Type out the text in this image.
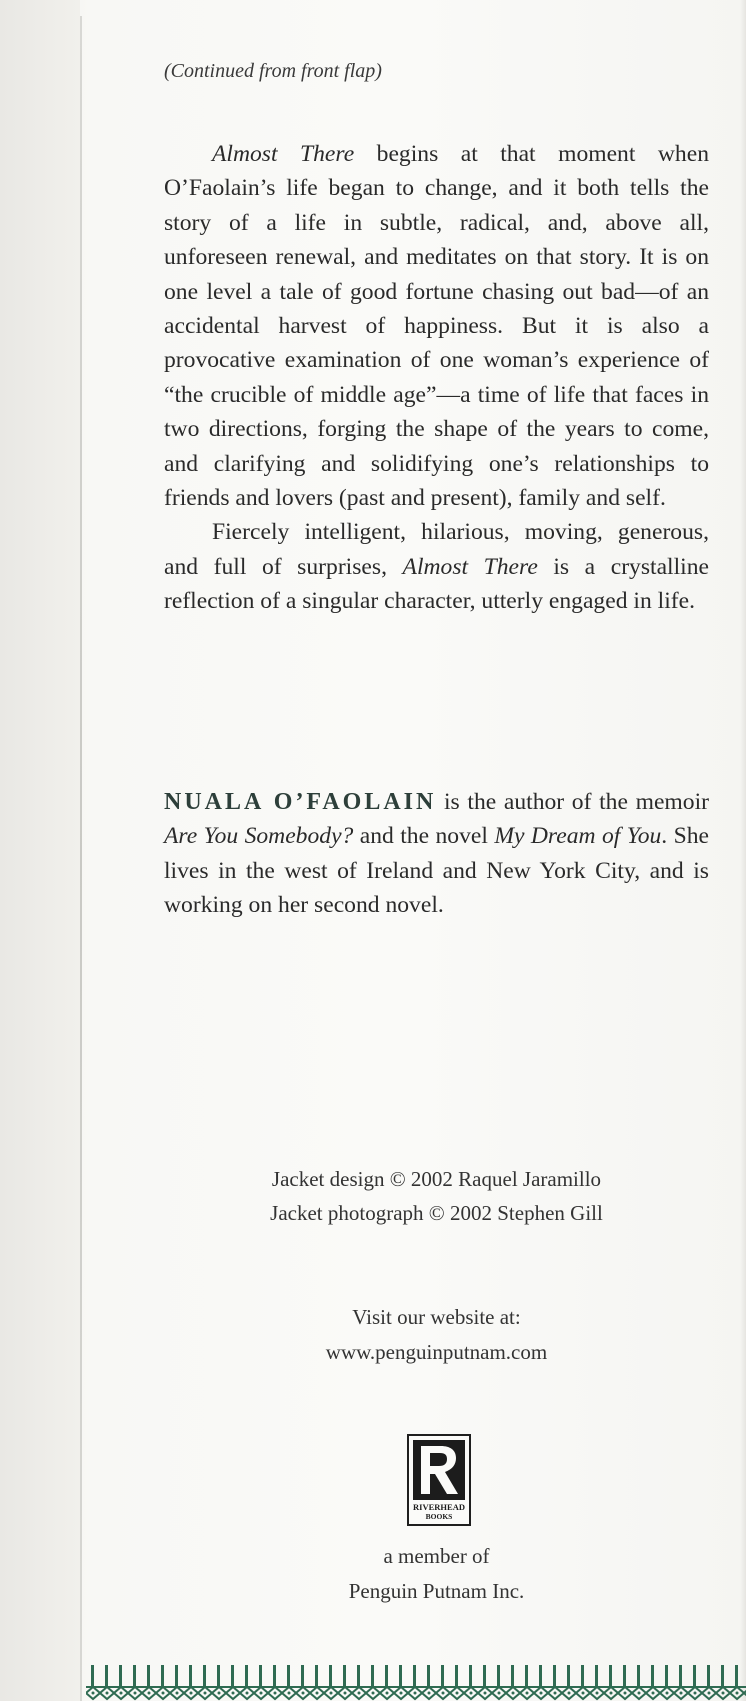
(Continued from front flap)

Almost There begins at that moment when O’Faolain’s life began to change, and it both tells the story of a life in subtle, radical, and, above all, unforeseen renewal, and meditates on that story. It is on one level a tale of good fortune chasing out bad—of an accidental harvest of happiness. But it is also a provocative examination of one woman’s experience of “the crucible of middle age”—a time of life that faces in two directions, forging the shape of the years to come, and clarifying and solidifying one’s relationships to friends and lovers (past and present), family and self.

Fiercely intelligent, hilarious, moving, generous, and full of surprises, Almost There is a crystalline reflection of a singular character, utterly engaged in life.

NUALA O’FAOLAIN is the author of the memoir Are You Somebody? and the novel My Dream of You. She lives in the west of Ireland and New York City, and is working on her second novel.

Jacket design © 2002 Raquel Jaramillo
Jacket photograph © 2002 Stephen Gill
Visit our website at:
www.penguinputnam.com
RIVERHEAD
BOOKS
a member of
Penguin Putnam Inc.
